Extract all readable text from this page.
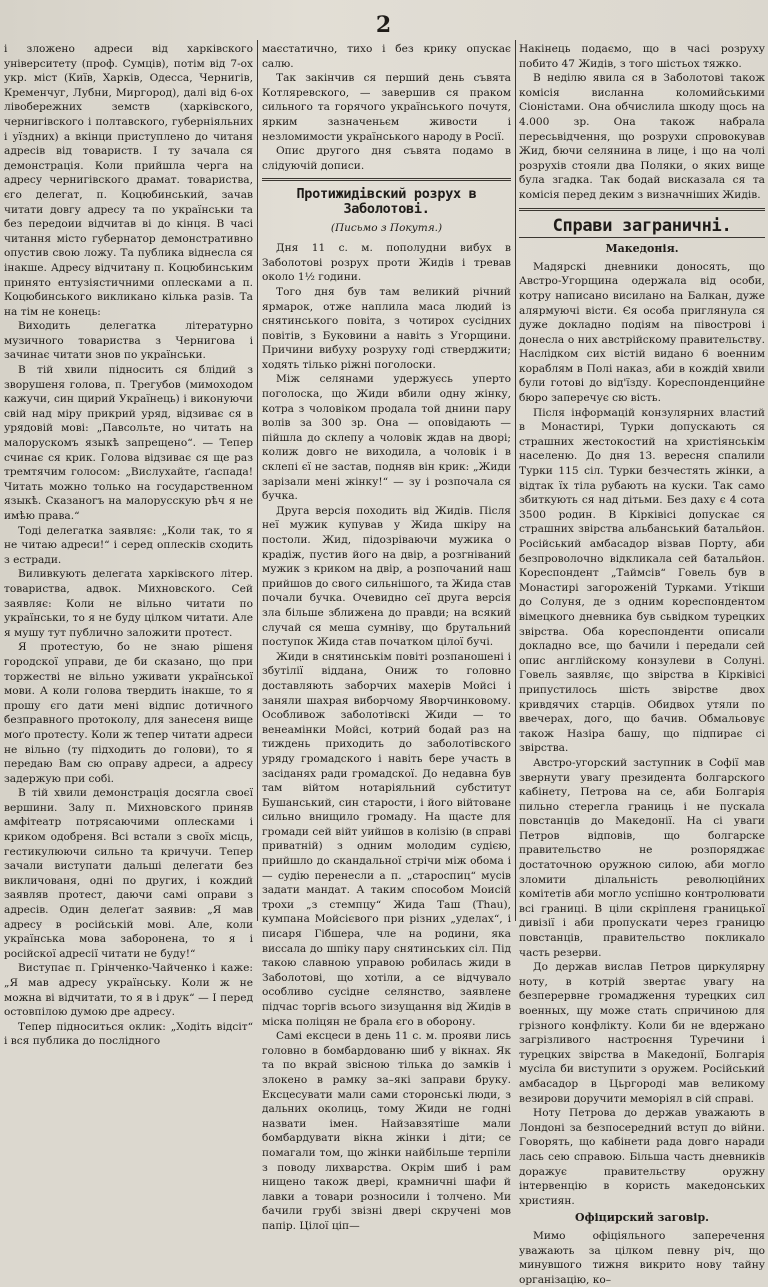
2

і зложено адреси від харківского університету (проф. Сумців), потім від 7-ох укр. міст (Київ, Харків, Одесса, Чернигів, Кременчуг, Лубни, Миргород), далі від 6-ох лівобережних земств (харківского, чернигівского і полтавского, губерніяльних і уїздних) а вкінци приступлено до читаня адресів від товариств. І ту зачала ся демонстрація. Коли прийшла черга на адресу чернигівского драмат. товариства, єго делегат, п. Коцюбинський, зачав читати довгу адресу та по українськи та без передоии відчитав ві до кінця. В часі читання місто губернатор демонстративно опустив свою ложу. Та публика віднесла ся інакше. Адресу відчитану п. Коцюбинським принято ентузіястичними оплесками а п. Коцюбинського викликано кілька разів. Та на тім не конець:

Виходить делегатка літературно музичного товариства з Чернигова і зачинає читати знов по українськи.

В тій хвили підносить ся блідий з зворушеня голова, п. Трегубов (мимоходом кажучи, син щирий Українець) і виконуючи свій над міру прикрий уряд, відзиває ся в урядовій мові: „Павсольте, но читать на малорускомъ языкѣ запрещено“. — Тепер счинає ся крик. Голова відзиває ся ще раз тремтячим голосом: „Вислухайте, ґаспада! Читать можно только на государственном языкѣ. Сказаногъ на малорусскую рѣч я не имѣю права.“

Тоді делегатка заявляє: „Коли так, то я не читаю адреси!“ і серед оплесків сходить з естради.

Виливкують делегата харківского літер. товариства, адвок. Михновского. Сей заявляє: Коли не вільно читати по українськи, то я не буду цілком читати. Але я мушу тут публично заложити протест.

Я протестую, бо не знаю рішеня городскої управи, де би сказано, що при торжестві не вільно уживати української мови. А коли голова твердить інакше, то я прошу єго дати мені відпис дотичного безправного протоколу, для занесеня вище моґо протесту. Коли ж тепер читати адреси не вільно (ту підходить до голови), то я передаю Вам сю оправу адреси, а адресу задержую при собі.

В тій хвили демонстрація досягла своєї вершини. Залу п. Михновского приняв амфітеатр потрясаючими оплесками і криком одобреня. Всі встали з своїх місць, гестикулюючи сильно та кричучи. Тепер зачали виступати дальші делегати без викличованя, одні по других, і кождий заявляв протест, даючи самі оправи з адресів. Один делеґат заявив: „Я мав адресу в російській мові. Але, коли українська мова заборонена, то я і російскої адресії читати не буду!“

Виступає п. Грінченко-Чайченко і каже: „Я мав адресу українську. Коли ж не можна ві відчитати, то я в і друк“ — І перед остовпілою думою дре адресу.

Тепер підноситься оклик: „Ходіть відсіт“ і вся публика до послідного

маєстатично, тихо і без крику опускає салю.

Так закінчив ся перший день съвята Котляревского, — завершив ся праком сильного та горячого українського почутя, ярким зазначеньєм живости і незломимости українського народу в Росії.

Опис другого дня съвята подамо в слідуючій дописи.

Протижидівский розрух в Заболотові.
(Письмо з Покутя.)

Дня 11 с. м. пополудни вибух в Заболотові розрух проти Жидів і тревав около 1½ години.

Того дня був там великий річний ярмарок, отже наплила маса людий із снятинського повіта, з чотирох сусідних повітів, з Буковини а навіть з Угорщини. Причини вибуху розруху годі стверджити; ходять тілько ріжні поголоски.

Між селянами удержуєсь уперто поголоска, що Жиди вбили одну жінку, котра з чоловіком продала той днини пару волів за 300 зр. Она — оповідають — пійшла до склепу а чоловік ждав на дворі; колиж довго не виходила, а чоловік і в склепі єї не застав, подняв він крик: „Жиди зарізали мені жінку!“ — зу і розпочала ся бучка.

Друга версія походить від Жидів. Після неї мужик купував у Жида шкіру на постоли. Жид, підозріваючи мужика о крадіж, пустив його на двір, а розгніваний мужик з криком на двір, а розпочаний наш прийшов до свого сильнішого, та Жида став почали бучка. Очевидно сеї друга версія зла більше зближена до правди; на всякий случай ся меша сумніву, що брутальний поступок Жида став початком цілої бучі.

Жиди в снятинськім повіті розпаношені і збутілії віддана, Ониж то головно доставляють заборчих махерів Мойсі і заняли шахрая виборчому Яворчинковому. Особливож заболотівскі Жиди — то венеамінки Мойсі, котрий бодай раз на тиждень приходить до заболотівского уряду громадского і навіть бере участь в засіданях ради громадскої. До недавна був там війтом нотаріяльний субститут Бушанський, син старости, і його війтоване сильно внищило громаду. На щасте для громади сей війт уийшов в колізію (в справі приватній) з одним молодим судією, прийшло до скандальної стрічи між обома і — судію перенесли а п. „староспиц“ мусів задати мандат. А таким способом Моисій трохи „з стемпцу“ Жида Таш (Thau), кумпана Мойсієвого при різних „уделах“, і писаря Гібшера, чле на родини, яка виссала до шпіку пару снятинських сіл. Під такою славною управою робилась жиди в Заболотові, що хотіли, а се відчувало особливо сусідне селянство, заявлене підчас торгів всього зизущання від Жидів в міска поліцян не брала єго в оборону.

Самі ексцеси в день 11 с. м. прояви лись головно в бомбардованю шиб у вікнах. Як та по вкрай звісною тілька до замків і злокено в рамку за–які заправи бруку. Ексцесувати мали сами сторонські люди, з дальних околиць, тому Жиди не годні назвати імен. Найзавзятіше мали бомбардувати вікна жінки і діти; се помагали том, що жінки найбільше терпіли з поводу лихварства. Окрім шиб і рам нищено також двері, крамничні шафи й лавки а товари розносили і толчено. Ми бачили грубі звізні двері скручені мов папір. Цілої ціп—

Накінець подаємо, що в часі розруху побито 47 Жидів, з того шістьох тяжко.

В неділю явила ся в Заболотові також комісія висланна коломийськими Сіоністами. Она обчислила шкоду щось на 4.000 зр. Она також набрала пересьвідчення, що розрухи спровокував Жид, бючи селянина в лице, і що на чолі розрухів стояли два Поляки, о яких вище була згадка. Так бодай висказала ся та комісія перед деким з визначніших Жидів.

Справи заграничні.
Македонія.

Мадярскі дневники доносять, що Австро-Угорщина одержала від особи, котру написано висилано на Балкан, дуже алярмуючі вісти. Єя особа приглянула ся дуже докладно подіям на півострові і донесла о них австрійскому правительству. Наслідком сих вістій видано 6 военним кораблям в Полі наказ, аби в кождій хвили були готові до від'їзду. Кореспонденцийне бюро заперечує сю вість.

Після інформацій конзулярних властий в Монастирі, Турки допускають ся страшних жестокостий на христіянськім населеню. До дня 13. вересня спалили Турки 115 сіл. Турки безчестять жінки, а відтак їх тіла рубають на куски. Так само збиткують ся над дітьми. Без даху є 4 сота 3500 родин. В Кірківісі допускає ся страшних звірства альбанський батальйон. Російський амбасадор візвав Порту, аби безпроволочно відкликала сей батальйон. Кореспондент „Таймсів“ Говель був в Монастирі загороженій Турками. Утікши до Солуня, де з одним кореспондентом вімецкого дневника був сьвідком турецких звірства. Оба кореспонденти описали докладно все, що бачили і передали сей опис англійскому конзулеви в Солуні. Говель заявляє, що звірства в Кірківісі припустилось шість звірстве двох кривдячих старців. Обидвох утяли по ввечерах, дого, що бачив. Обмальовує також Назіра башу, що підпирає сі звірства.

Австро-угорский заступник в Софії мав звернути увагу президента болгарского кабінету, Петрова на се, аби Болгарія пильно стерегла границь і не пускала повстанців до Македонії. На сі уваги Петров відповів, що болгарске правительство не розпоряджає достаточною оружною силою, аби могло зломити ділальність революційних комітетів аби могло успішно контролювати всі границі. В ціли скріпленя границької дивізії і аби пропускати через границю повстанців, правительство покликало часть резерви.

До держав вислав Петров циркулярну ноту, в котрій звертає увагу на безперервне громадження турецких сил военных, щу може стать спричиною для грізного конфлікту. Коли би не вдержано загрізливого настроєння Туречини і турецких звірства в Македонії, Болгарія мусіла би виступити з оружем. Російський амбасадор в Цьргороді мав великому везирови доручити меморіял в сій справі.

Ноту Петрова до держав уважають в Лондоні за безпосередний вступ до війни. Говорять, що кабінети рада довго наради лась сею справою. Більша часть дневників доражує правительству оружну інтервенцію в користь македонських християн.

Офіцирский заговір.

Мимо офіціяльного заперечення уважають за цілком певну річ, що минувшого тижня викрито нову тайну організацію, ко–
